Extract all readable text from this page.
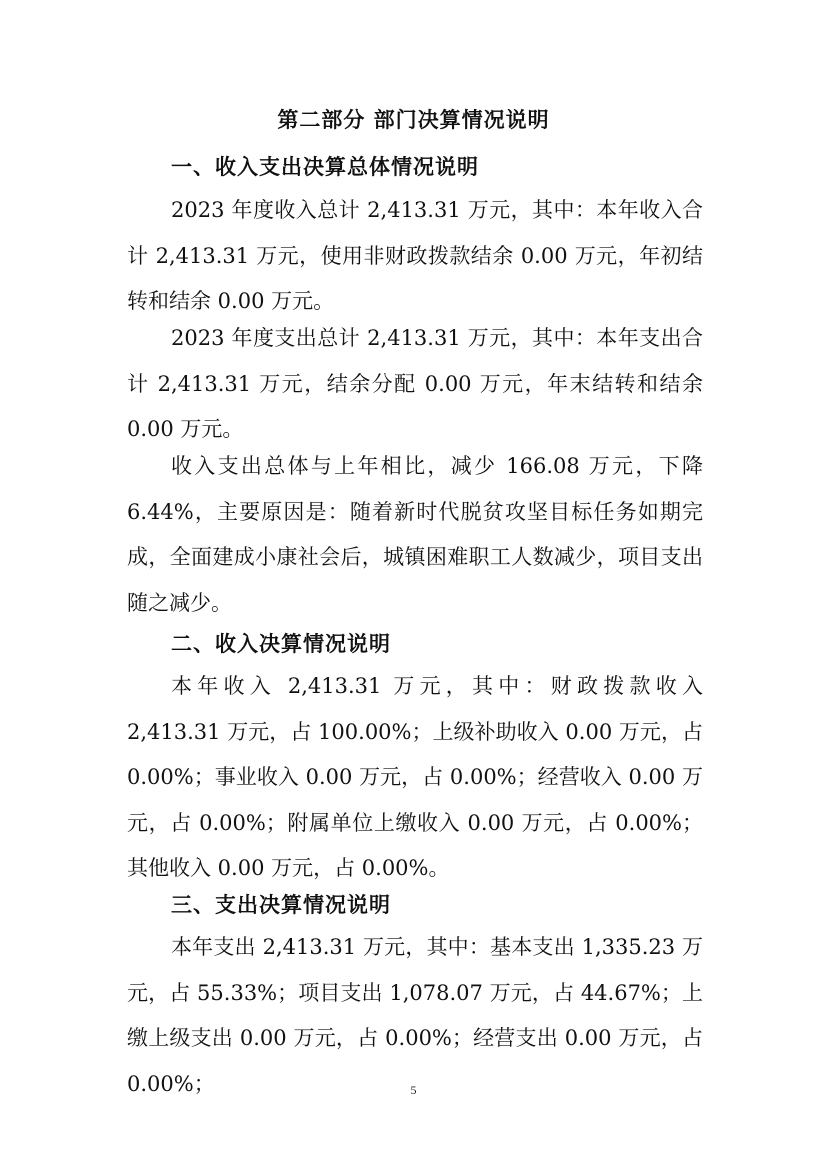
第二部分 部门决算情况说明
一、收入支出决算总体情况说明

2023 年度收入总计 2,413.31 万元，其中：本年收入合计 2,413.31 万元，使用非财政拨款结余 0.00 万元，年初结转和结余 0.00 万元。

2023 年度支出总计 2,413.31 万元，其中：本年支出合计 2,413.31 万元，结余分配 0.00 万元，年末结转和结余 0.00 万元。

收入支出总体与上年相比，减少 166.08 万元，下降 6.44%，主要原因是：随着新时代脱贫攻坚目标任务如期完成，全面建成小康社会后，城镇困难职工人数减少，项目支出随之减少。

二、收入决算情况说明

本年收入 2,413.31 万元，其中：财政拨款收入 2,413.31 万元，占 100.00%；上级补助收入 0.00 万元，占 0.00%；事业收入 0.00 万元，占 0.00%；经营收入 0.00 万元，占 0.00%；附属单位上缴收入 0.00 万元，占 0.00%；其他收入 0.00 万元，占 0.00%。

三、支出决算情况说明

本年支出 2,413.31 万元，其中：基本支出 1,335.23 万元，占 55.33%；项目支出 1,078.07 万元，占 44.67%；上缴上级支出 0.00 万元，占 0.00%；经营支出 0.00 万元，占 0.00%；	5
